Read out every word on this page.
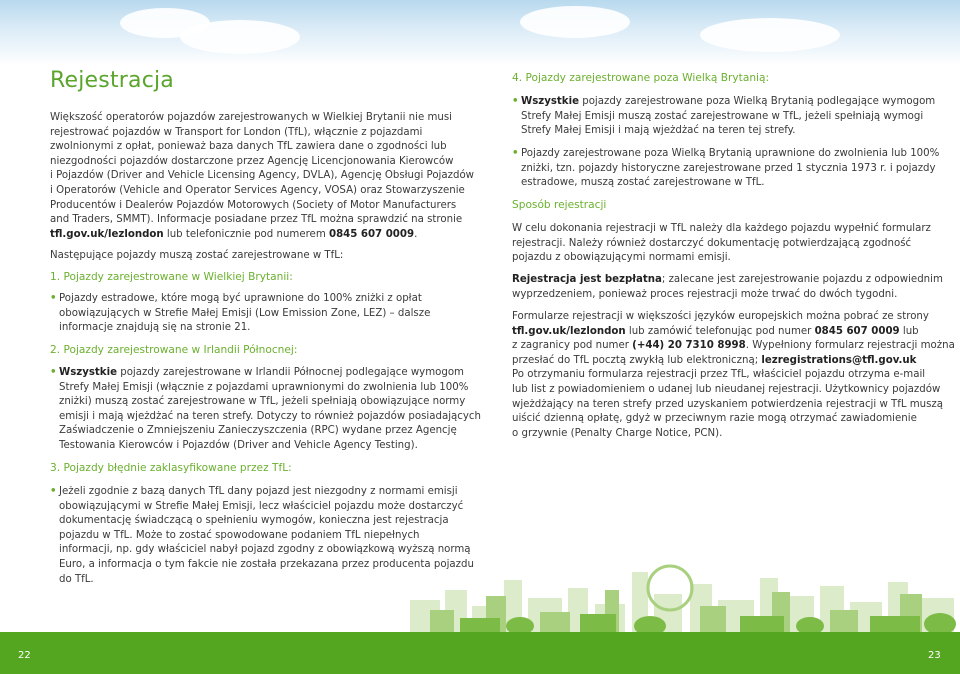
Rejestracja

Większość operatorów pojazdów zarejestrowanych w Wielkiej Brytanii nie musi

rejestrować pojazdów w Transport for London (TfL), włącznie z pojazdami

zwolnionymi z opłat, ponieważ baza danych TfL zawiera dane o zgodności lub

niezgodności pojazdów dostarczone przez Agencję Licencjonowania Kierowców

i Pojazdów (Driver and Vehicle Licensing Agency, DVLA), Agencję Obsługi Pojazdów

i Operatorów (Vehicle and Operator Services Agency, VOSA) oraz Stowarzyszenie

Producentów i Dealerów Pojazdów Motorowych (Society of Motor Manufacturers

and Traders, SMMT). Informacje posiadane przez TfL można sprawdzić na stronie

tfl.gov.uk/lezlondon lub telefonicznie pod numerem 0845 607 0009.

Następujące pojazdy muszą zostać zarejestrowane w TfL:

1. Pojazdy zarejestrowane w Wielkiej Brytanii:

• Pojazdy estradowe, które mogą być uprawnione do 100% zniżki z opłat

obowiązujących w Strefie Małej Emisji (Low Emission Zone, LEZ) – dalsze

informacje znajdują się na stronie 21.

2. Pojazdy zarejestrowane w Irlandii Północnej:

• Wszystkie pojazdy zarejestrowane w Irlandii Północnej podlegające wymogom

Strefy Małej Emisji (włącznie z pojazdami uprawnionymi do zwolnienia lub 100%

zniżki) muszą zostać zarejestrowane w TfL, jeżeli spełniają obowiązujące normy

emisji i mają wjeżdżać na teren strefy. Dotyczy to również pojazdów posiadających

Zaświadczenie o Zmniejszeniu Zanieczyszczenia (RPC) wydane przez Agencję

Testowania Kierowców i Pojazdów (Driver and Vehicle Agency Testing).

3. Pojazdy błędnie zaklasyfikowane przez TfL:

• Jeżeli zgodnie z bazą danych TfL dany pojazd jest niezgodny z normami emisji

obowiązującymi w Strefie Małej Emisji, lecz właściciel pojazdu może dostarczyć

dokumentację świadczącą o spełnieniu wymogów, konieczna jest rejestracja

pojazdu w TfL. Może to zostać spowodowane podaniem TfL niepełnych

informacji, np. gdy właściciel nabył pojazd zgodny z obowiązkową wyższą normą

Euro, a informacja o tym fakcie nie została przekazana przez producenta pojazdu

do TfL.

4. Pojazdy zarejestrowane poza Wielką Brytanią:

• Wszystkie pojazdy zarejestrowane poza Wielką Brytanią podlegające wymogom

Strefy Małej Emisji muszą zostać zarejestrowane w TfL, jeżeli spełniają wymogi

Strefy Małej Emisji i mają wjeżdżać na teren tej strefy.

• Pojazdy zarejestrowane poza Wielką Brytanią uprawnione do zwolnienia lub 100%

zniżki, tzn. pojazdy historyczne zarejestrowane przed 1 stycznia 1973 r. i pojazdy

estradowe, muszą zostać zarejestrowane w TfL.

Sposób rejestracji

W celu dokonania rejestracji w TfL należy dla każdego pojazdu wypełnić formularz

rejestracji. Należy również dostarczyć dokumentację potwierdzającą zgodność

pojazdu z obowiązującymi normami emisji.

Rejestracja jest bezpłatna; zalecane jest zarejestrowanie pojazdu z odpowiednim

wyprzedzeniem, ponieważ proces rejestracji może trwać do dwóch tygodni.

Formularze rejestracji w większości języków europejskich można pobrać ze strony

tfl.gov.uk/lezlondon lub zamówić telefonując pod numer 0845 607 0009 lub

z zagranicy pod numer (+44) 20 7310 8998. Wypełniony formularz rejestracji można

przesłać do TfL pocztą zwykłą lub elektroniczną; lezregistrations@tfl.gov.uk

Po otrzymaniu formularza rejestracji przez TfL, właściciel pojazdu otrzyma e-mail

lub list z powiadomieniem o udanej lub nieudanej rejestracji. Użytkownicy pojazdów

wjeżdżający na teren strefy przed uzyskaniem potwierdzenia rejestracji w TfL muszą

uiścić dzienną opłatę, gdyż w przeciwnym razie mogą otrzymać zawiadomienie

o grzywnie (Penalty Charge Notice, PCN).

22	23
